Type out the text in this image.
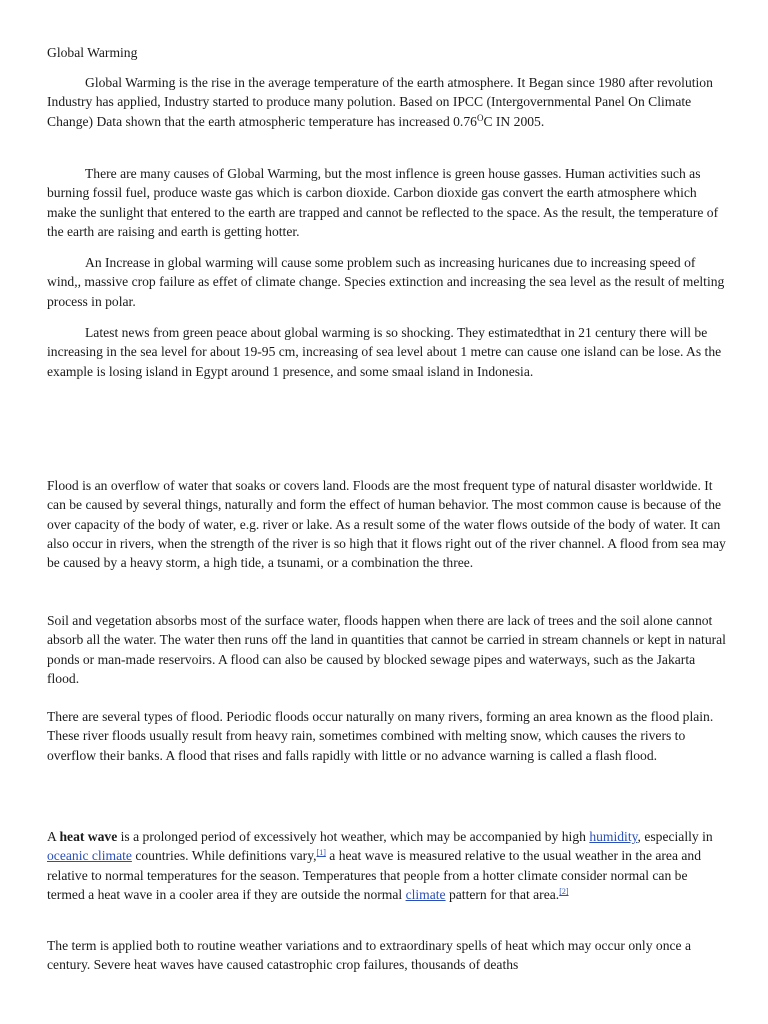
Global Warming

Global Warming is the rise in the average temperature of the earth atmosphere. It Began since 1980 after revolution Industry has applied, Industry started to produce many polution. Based on IPCC (Intergovernmental Panel On Climate Change) Data shown that the earth atmospheric temperature has increased $0.76^OC$ IN 2005.

There are many causes of Global Warming, but the most inflence is green house gasses. Human activities such as burning fossil fuel, produce waste gas which is carbon dioxide. Carbon dioxide gas convert the earth atmosphere which make the sunlight that entered to the earth are trapped and cannot be reflected to the space. As the result, the temperature of the earth are raising and earth is getting hotter.

An Increase in global warming will cause some problem such as increasing huricanes due to increasing speed of wind,, massive crop failure as effet of climate change. Species extinction and increasing the sea level as the result of melting process in polar.

Latest news from green peace about global warming is so shocking. They estimatedthat in 21 century there will be increasing in the sea level for about 19-95 cm, increasing of sea level about 1 metre can cause one island can be lose. As the example is losing island in Egypt around 1 presence, and some smaal island in Indonesia.

Flood is an overflow of water that soaks or covers land. Floods are the most frequent type of natural disaster worldwide. It can be caused by several things, naturally and form the effect of human behavior. The most common cause is because of the over capacity of the body of water, e.g. river or lake. As a result some of the water flows outside of the body of water. It can also occur in rivers, when the strength of the river is so high that it flows right out of the river channel. A flood from sea may be caused by a heavy storm, a high tide, a tsunami, or a combination the three.

Soil and vegetation absorbs most of the surface water, floods happen when there are lack of trees and the soil alone cannot absorb all the water. The water then runs off the land in quantities that cannot be carried in stream channels or kept in natural ponds or man-made reservoirs. A flood can also be caused by blocked sewage pipes and waterways, such as the Jakarta flood.

There are several types of flood. Periodic floods occur naturally on many rivers, forming an area known as the flood plain. These river floods usually result from heavy rain, sometimes combined with melting snow, which causes the rivers to overflow their banks. A flood that rises and falls rapidly with little or no advance warning is called a flash flood.

A heat wave is a prolonged period of excessively hot weather, which may be accompanied by high humidity, especially in oceanic climate countries. While definitions vary,[1] a heat wave is measured relative to the usual weather in the area and relative to normal temperatures for the season. Temperatures that people from a hotter climate consider normal can be termed a heat wave in a cooler area if they are outside the normal climate pattern for that area.[2]

The term is applied both to routine weather variations and to extraordinary spells of heat which may occur only once a century. Severe heat waves have caused catastrophic crop failures, thousands of deaths
